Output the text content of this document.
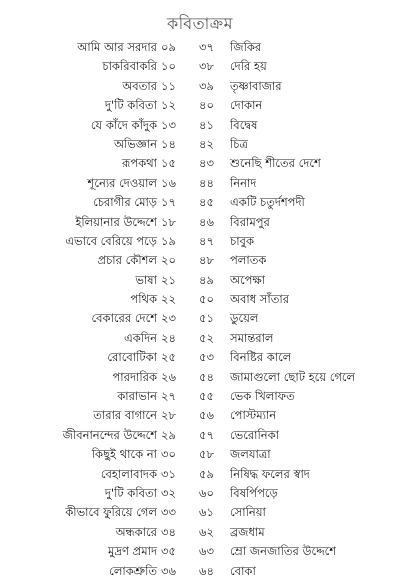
কবিতাক্রম
আমি আর সরদার ০৯	৩৭	জিকির
চাকরিবাকরি ১০	৩৮	দেরি হয়
অবতার ১১	৩৯	তৃষ্ণাবাজার
দু'টি কবিতা ১২	৪০	দোকান
যে কাঁদে কাঁদুক ১৩	৪১	বিদ্বেষ
অভিজ্ঞান ১৪	৪২	চিত্র
রূপকথা ১৫	৪৩	শুনেছি শীতের দেশে
শূন্যের দেওয়াল ১৬	৪৪	নিনাদ
চেরাগীর মোড় ১৭	৪৫	একটি চতুর্দশপদী
ইলিয়ানার উদ্দেশে ১৮	৪৬	বিরামপুর
এভাবে বেরিয়ে পড়ে ১৯	৪৭	চাবুক
প্রচার কৌশল ২০	৪৮	পলাতক
ভাষা ২১	৪৯	অপেক্ষা
পথিক ২২	৫০	অবাধ সাঁতার
বেকারের দেশে ২৩	৫১	ডুয়েল
একদিন ২৪	৫২	সমান্তরাল
রোবোটিকা ২৫	৫৩	বিনষ্টির কালে
পারদারিক ২৬	৫৪	জামাগুলো ছোট হয়ে গেলে
কারাভান ২৭	৫৫	ভেক খিলাফত
তারার বাগানে ২৮	৫৬	পোস্টম্যান
জীবনানন্দের উদ্দেশে ২৯	৫৭	ভেরোনিকা
কিছুই থাকে না ৩০	৫৮	জলযাত্রা
বেহালাবাদক ৩১	৫৯	নিষিদ্ধ ফলের স্বাদ
দু'টি কবিতা ৩২	৬০	বিষর্পিপড়ে
কীভাবে ফুরিয়ে গেল ৩৩	৬১	সোনিয়া
অন্ধকারে ৩৪	৬২	ব্রজধাম
মুদ্রণ প্রমাদ ৩৫	৬৩	ম্রো জনজাতির উদ্দেশে
লোকশ্রুতি ৩৬	৬৪	বোকা
